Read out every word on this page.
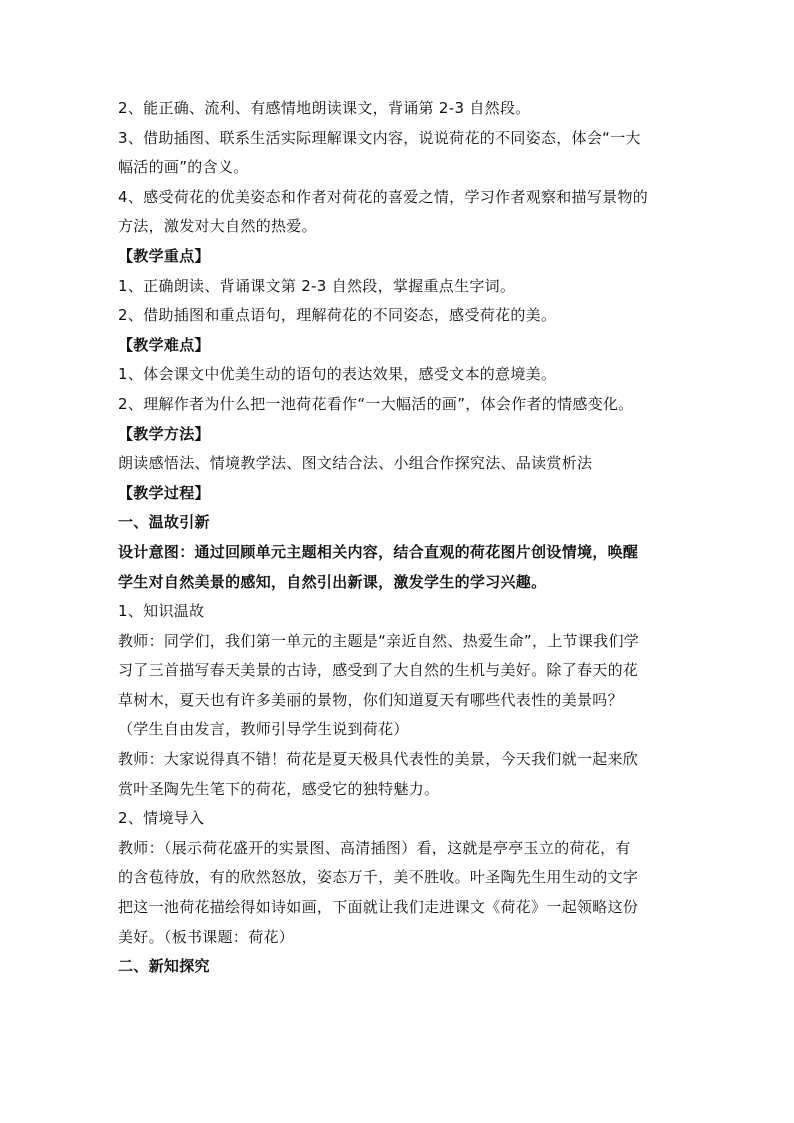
2、能正确、流利、有感情地朗读课文，背诵第 2-3 自然段。
3、借助插图、联系生活实际理解课文内容，说说荷花的不同姿态，体会“一大
幅活的画”的含义。
4、感受荷花的优美姿态和作者对荷花的喜爱之情，学习作者观察和描写景物的
方法，激发对大自然的热爱。
【教学重点】
1、正确朗读、背诵课文第 2-3 自然段，掌握重点生字词。
2、借助插图和重点语句，理解荷花的不同姿态，感受荷花的美。
【教学难点】
1、体会课文中优美生动的语句的表达效果，感受文本的意境美。
2、理解作者为什么把一池荷花看作“一大幅活的画”，体会作者的情感变化。
【教学方法】
朗读感悟法、情境教学法、图文结合法、小组合作探究法、品读赏析法
【教学过程】
一、温故引新
设计意图：通过回顾单元主题相关内容，结合直观的荷花图片创设情境，唤醒
学生对自然美景的感知，自然引出新课，激发学生的学习兴趣。
1、知识温故
教师：同学们，我们第一单元的主题是“亲近自然、热爱生命”，上节课我们学
习了三首描写春天美景的古诗，感受到了大自然的生机与美好。除了春天的花
草树木，夏天也有许多美丽的景物，你们知道夏天有哪些代表性的美景吗？
（学生自由发言，教师引导学生说到荷花）
教师：大家说得真不错！荷花是夏天极具代表性的美景，今天我们就一起来欣
赏叶圣陶先生笔下的荷花，感受它的独特魅力。
2、情境导入
教师：（展示荷花盛开的实景图、高清插图）看，这就是亭亭玉立的荷花，有
的含苞待放，有的欣然怒放，姿态万千，美不胜收。叶圣陶先生用生动的文字
把这一池荷花描绘得如诗如画，下面就让我们走进课文《荷花》一起领略这份
美好。（板书课题：荷花）
二、新知探究
